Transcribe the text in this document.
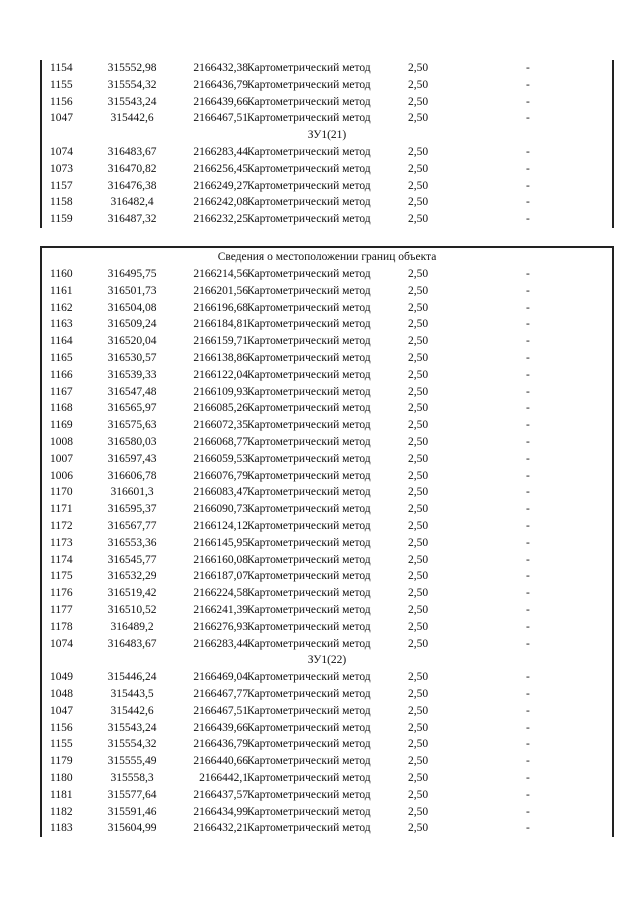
1154	315552,98	2166432,38 Картометрический метод	2,50	-
1155	315554,32	2166436,79 Картометрический метод	2,50	-
1156	315543,24	2166439,66 Картометрический метод	2,50	-
1047	315442,6	2166467,51 Картометрический метод	2,50	-
ЗУ1(21)
1074	316483,67	2166283,44 Картометрический метод	2,50	-
1073	316470,82	2166256,45 Картометрический метод	2,50	-
1157	316476,38	2166249,27 Картометрический метод	2,50	-
1158	316482,4	2166242,08 Картометрический метод	2,50	-
1159	316487,32	2166232,25 Картометрический метод	2,50	-
Сведения о местоположении границ объекта
1160	316495,75	2166214,56 Картометрический метод	2,50	-
1161	316501,73	2166201,56 Картометрический метод	2,50	-
1162	316504,08	2166196,68 Картометрический метод	2,50	-
1163	316509,24	2166184,81 Картометрический метод	2,50	-
1164	316520,04	2166159,71 Картометрический метод	2,50	-
1165	316530,57	2166138,86 Картометрический метод	2,50	-
1166	316539,33	2166122,04 Картометрический метод	2,50	-
1167	316547,48	2166109,93 Картометрический метод	2,50	-
1168	316565,97	2166085,26 Картометрический метод	2,50	-
1169	316575,63	2166072,35 Картометрический метод	2,50	-
1008	316580,03	2166068,77 Картометрический метод	2,50	-
1007	316597,43	2166059,53 Картометрический метод	2,50	-
1006	316606,78	2166076,79 Картометрический метод	2,50	-
1170	316601,3	2166083,47 Картометрический метод	2,50	-
1171	316595,37	2166090,73 Картометрический метод	2,50	-
1172	316567,77	2166124,12 Картометрический метод	2,50	-
1173	316553,36	2166145,95 Картометрический метод	2,50	-
1174	316545,77	2166160,08 Картометрический метод	2,50	-
1175	316532,29	2166187,07 Картометрический метод	2,50	-
1176	316519,42	2166224,58 Картометрический метод	2,50	-
1177	316510,52	2166241,39 Картометрический метод	2,50	-
1178	316489,2	2166276,93 Картометрический метод	2,50	-
1074	316483,67	2166283,44 Картометрический метод	2,50	-
ЗУ1(22)
1049	315446,24	2166469,04 Картометрический метод	2,50	-
1048	315443,5	2166467,77 Картометрический метод	2,50	-
1047	315442,6	2166467,51 Картометрический метод	2,50	-
1156	315543,24	2166439,66 Картометрический метод	2,50	-
1155	315554,32	2166436,79 Картометрический метод	2,50	-
1179	315555,49	2166440,66 Картометрический метод	2,50	-
1180	315558,3	2166442,1 Картометрический метод	2,50	-
1181	315577,64	2166437,57 Картометрический метод	2,50	-
1182	315591,46	2166434,99 Картометрический метод	2,50	-
1183	315604,99	2166432,21 Картометрический метод	2,50	-
